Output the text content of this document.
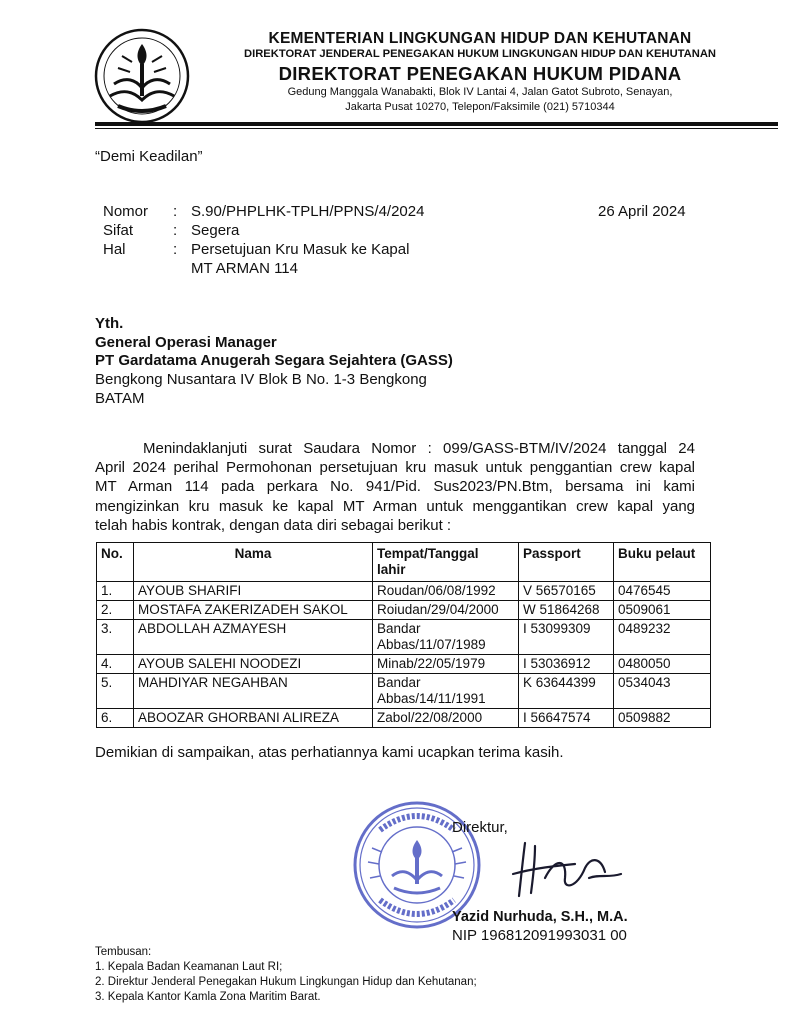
KEMENTERIAN LINGKUNGAN HIDUP DAN KEHUTANAN
DIREKTORAT JENDERAL PENEGAKAN HUKUM LINGKUNGAN HIDUP DAN KEHUTANAN
DIREKTORAT PENEGAKAN HUKUM PIDANA
Gedung Manggala Wanabakti, Blok IV Lantai 4, Jalan Gatot Subroto, Senayan,
Jakarta Pusat 10270, Telepon/Faksimile (021) 5710344
“Demi Keadilan”
Nomor : S.90/PHPLHK-TPLH/PPNS/4/2024	26 April 2024
Sifat	: Segera
Hal	: Persetujuan Kru Masuk ke Kapal
MT ARMAN 114
Yth.
General Operasi Manager
PT Gardatama Anugerah Segara Sejahtera (GASS)
Bengkong Nusantara IV Blok B No. 1-3 Bengkong
BATAM
Menindaklanjuti surat Saudara Nomor : 099/GASS-BTM/IV/2024 tanggal 24
April 2024 perihal Permohonan persetujuan kru masuk untuk penggantian crew kapal
MT Arman 114 pada perkara No. 941/Pid. Sus2023/PN.Btm, bersama ini kami
mengizinkan kru masuk ke kapal MT Arman untuk menggantikan crew kapal yang
telah habis kontrak, dengan data diri sebagai berikut :
No.	Nama	Tempat/Tanggal
lahir	Passport	Buku pelaut
1.	AYOUB SHARIFI	Roudan/06/08/1992	V 56570165	0476545
2.	MOSTAFA ZAKERIZADEH SAKOL	Roiudan/29/04/2000	W 51864268	0509061
3.	ABDOLLAH AZMAYESH	Bandar
Abbas/11/07/1989	I 53099309	0489232
4.	AYOUB SALEHI NOODEZI	Minab/22/05/1979	I 53036912	0480050
5.	MAHDIYAR NEGAHBAN	Bandar
Abbas/14/11/1991	K 63644399	0534043
6.	ABOOZAR GHORBANI ALIREZA	Zabol/22/08/2000	I 56647574	0509882
Demikian di sampaikan, atas perhatiannya kami ucapkan terima kasih.
Direktur,
Yazid Nurhuda, S.H., M.A.
NIP 196812091993031 00
Tembusan:
1. Kepala Badan Keamanan Laut RI;
2. Direktur Jenderal Penegakan Hukum Lingkungan Hidup dan Kehutanan;
3. Kepala Kantor Kamla Zona Maritim Barat.
